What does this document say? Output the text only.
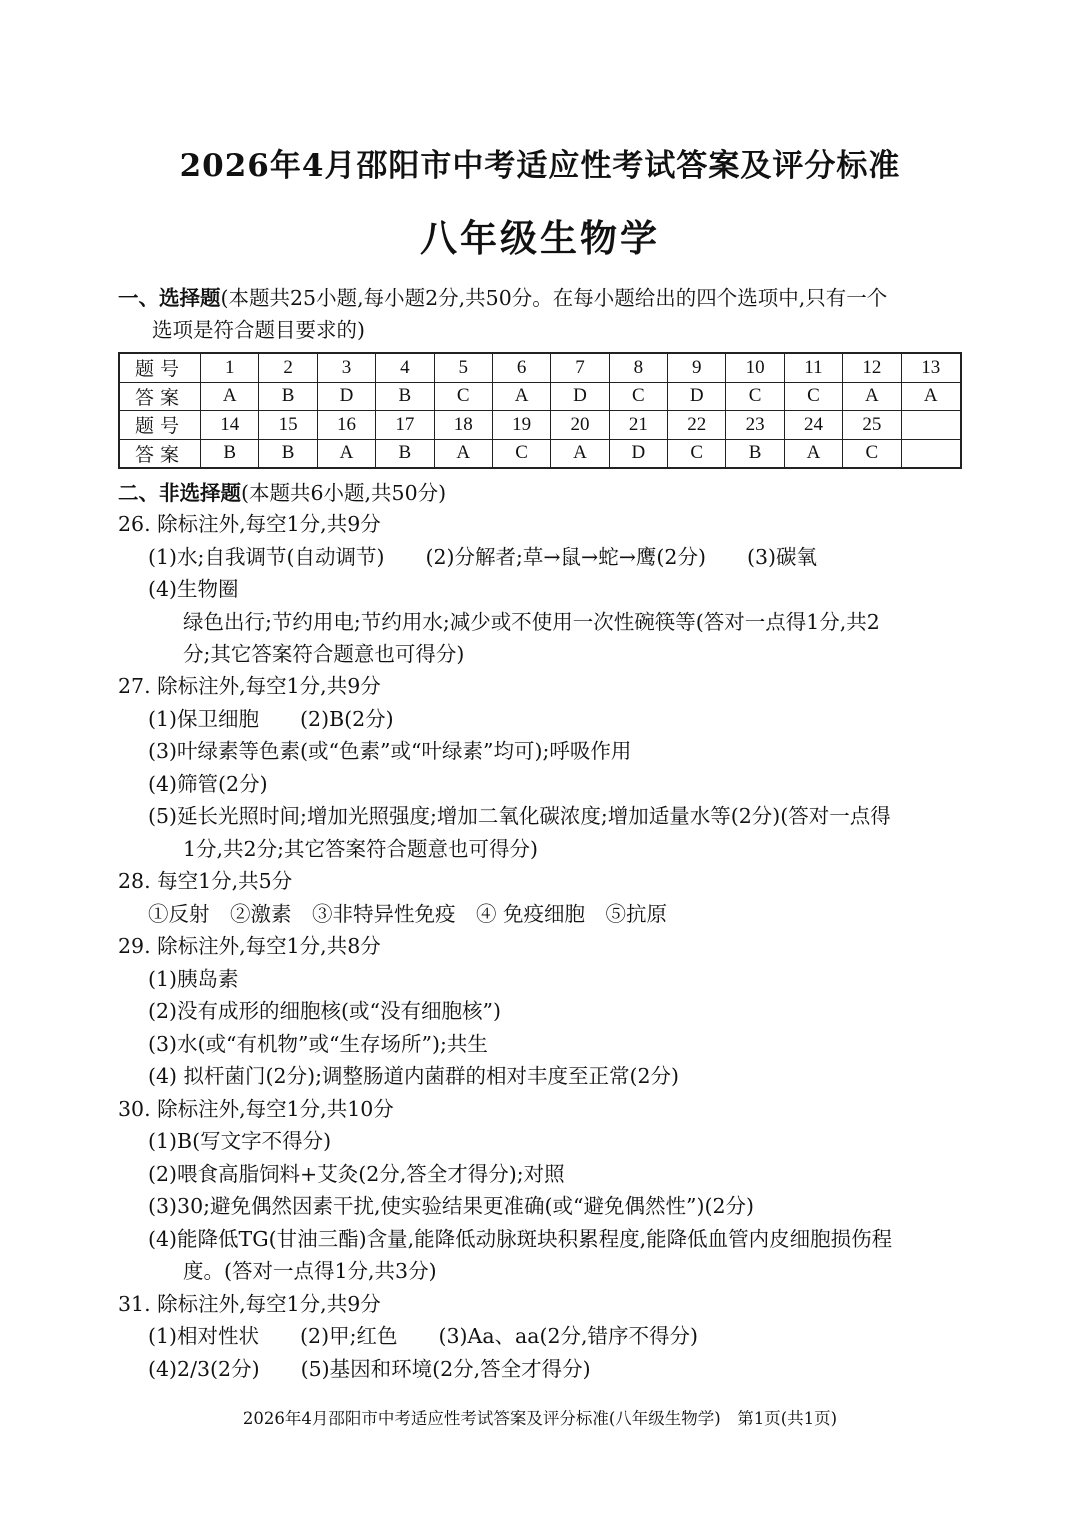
2026年4月邵阳市中考适应性考试答案及评分标准
八年级生物学
一、选择题(本题共25小题,每小题2分,共50分。在每小题给出的四个选项中,只有一个
选项是符合题目要求的)
题号	1	2	3	4	5	6	7	8	9	10	11	12	13
答案	A	B	D	B	C	A	D	C	D	C	C	A	A
题号	14	15	16	17	18	19	20	21	22	23	24	25	
答案	B	B	A	B	A	C	A	D	C	B	A	C	
二、非选择题(本题共6小题,共50分)
26. 除标注外,每空1分,共9分
(1)水;自我调节(自动调节)　　(2)分解者;草→鼠→蛇→鹰(2分)　　(3)碳氧
(4)生物圈
绿色出行;节约用电;节约用水;减少或不使用一次性碗筷等(答对一点得1分,共2
分;其它答案符合题意也可得分)
27. 除标注外,每空1分,共9分
(1)保卫细胞　　(2)B(2分)
(3)叶绿素等色素(或“色素”或“叶绿素”均可);呼吸作用
(4)筛管(2分)
(5)延长光照时间;增加光照强度;增加二氧化碳浓度;增加适量水等(2分)(答对一点得
1分,共2分;其它答案符合题意也可得分)
28. 每空1分,共5分
①反射　②激素　③非特异性免疫　④ 免疫细胞　⑤抗原
29. 除标注外,每空1分,共8分
(1)胰岛素
(2)没有成形的细胞核(或“没有细胞核”)
(3)水(或“有机物”或“生存场所”);共生
(4) 拟杆菌门(2分);调整肠道内菌群的相对丰度至正常(2分)
30. 除标注外,每空1分,共10分
(1)B(写文字不得分)
(2)喂食高脂饲料+艾灸(2分,答全才得分);对照
(3)30;避免偶然因素干扰,使实验结果更准确(或“避免偶然性”)(2分)
(4)能降低TG(甘油三酯)含量,能降低动脉斑块积累程度,能降低血管内皮细胞损伤程
度。(答对一点得1分,共3分)
31. 除标注外,每空1分,共9分
(1)相对性状　　(2)甲;红色　　(3)Aa、aa(2分,错序不得分)
(4)2/3(2分)　　(5)基因和环境(2分,答全才得分)
2026年4月邵阳市中考适应性考试答案及评分标准(八年级生物学)　第1页(共1页)
